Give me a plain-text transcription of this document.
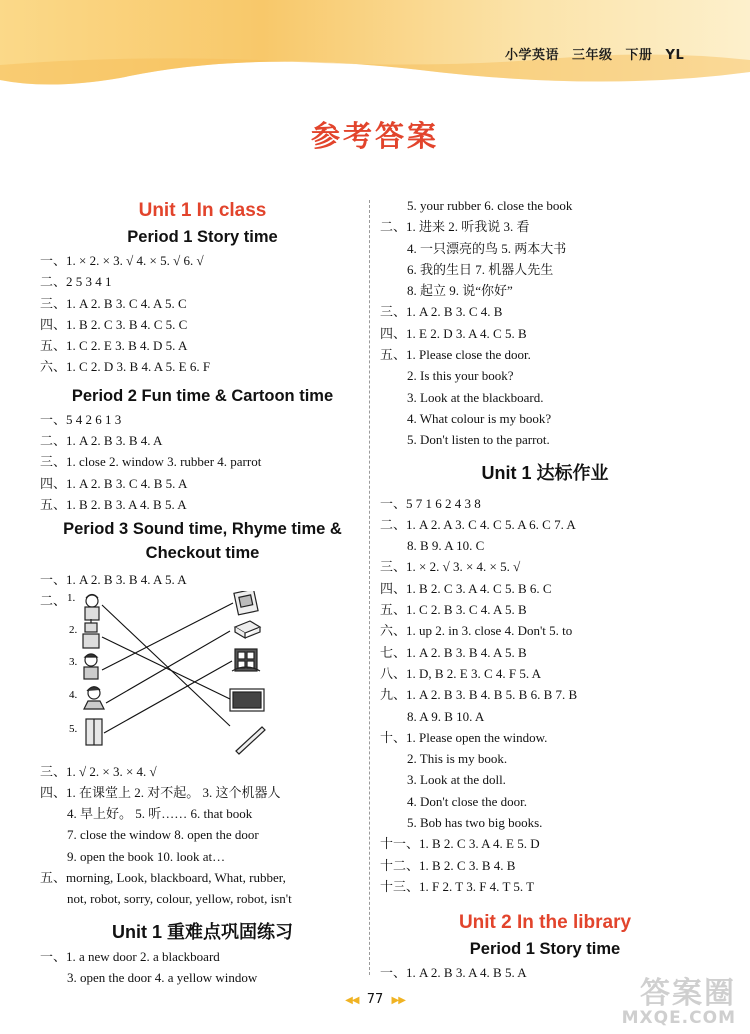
小学英语 三年级 下册 YL
参考答案
Unit 1 In class
Period 1 Story time
一、1. × 2. × 3. √ 4. × 5. √ 6. √
二、2 5 3 4 1
三、1. A 2. B 3. C 4. A 5. C
四、1. B 2. C 3. B 4. C 5. C
五、1. C 2. E 3. B 4. D 5. A
六、1. C 2. D 3. B 4. A 5. E 6. F
Period 2 Fun time & Cartoon time
一、5 4 2 6 1 3
二、1. A 2. B 3. B 4. A
三、1. close 2. window 3. rubber 4. parrot
四、1. A 2. B 3. C 4. B 5. A
五、1. B 2. B 3. A 4. B 5. A
Period 3 Sound time, Rhyme time &
Checkout time
一、1. A 2. B 3. B 4. A 5. A
二、 1.
2.
3.
4.
5.
三、1. √ 2. × 3. × 4. √
四、1. 在课堂上 2. 对不起。 3. 这个机器人
4. 早上好。 5. 听…… 6. that book
7. close the window 8. open the door
9. open the book 10. look at…
五、morning, Look, blackboard, What, rubber,
not, robot, sorry, colour, yellow, robot, isn't
Unit 1 重难点巩固练习
一、1. a new door 2. a blackboard
3. open the door 4. a yellow window
5. your rubber 6. close the book
二、1. 进来 2. 听我说 3. 看
4. 一只漂亮的鸟 5. 两本大书
6. 我的生日 7. 机器人先生
8. 起立 9. 说“你好”
三、1. A 2. B 3. C 4. B
四、1. E 2. D 3. A 4. C 5. B
五、1. Please close the door.
2. Is this your book?
3. Look at the blackboard.
4. What colour is my book?
5. Don't listen to the parrot.
Unit 1 达标作业
一、5 7 1 6 2 4 3 8
二、1. A 2. A 3. C 4. C 5. A 6. C 7. A
8. B 9. A 10. C
三、1. × 2. √ 3. × 4. × 5. √
四、1. B 2. C 3. A 4. C 5. B 6. C
五、1. C 2. B 3. C 4. A 5. B
六、1. up 2. in 3. close 4. Don't 5. to
七、1. A 2. B 3. B 4. A 5. B
八、1. D, B 2. E 3. C 4. F 5. A
九、1. A 2. B 3. B 4. B 5. B 6. B 7. B
8. A 9. B 10. A
十、1. Please open the window.
2. This is my book.
3. Look at the doll.
4. Don't close the door.
5. Bob has two big books.
十一、1. B 2. C 3. A 4. E 5. D
十二、1. B 2. C 3. B 4. B
十三、1. F 2. T 3. F 4. T 5. T
Unit 2 In the library
Period 1 Story time
一、1. A 2. B 3. A 4. B 5. A
◀◀ 77 ▶▶	答案圈
MXQE.COM
